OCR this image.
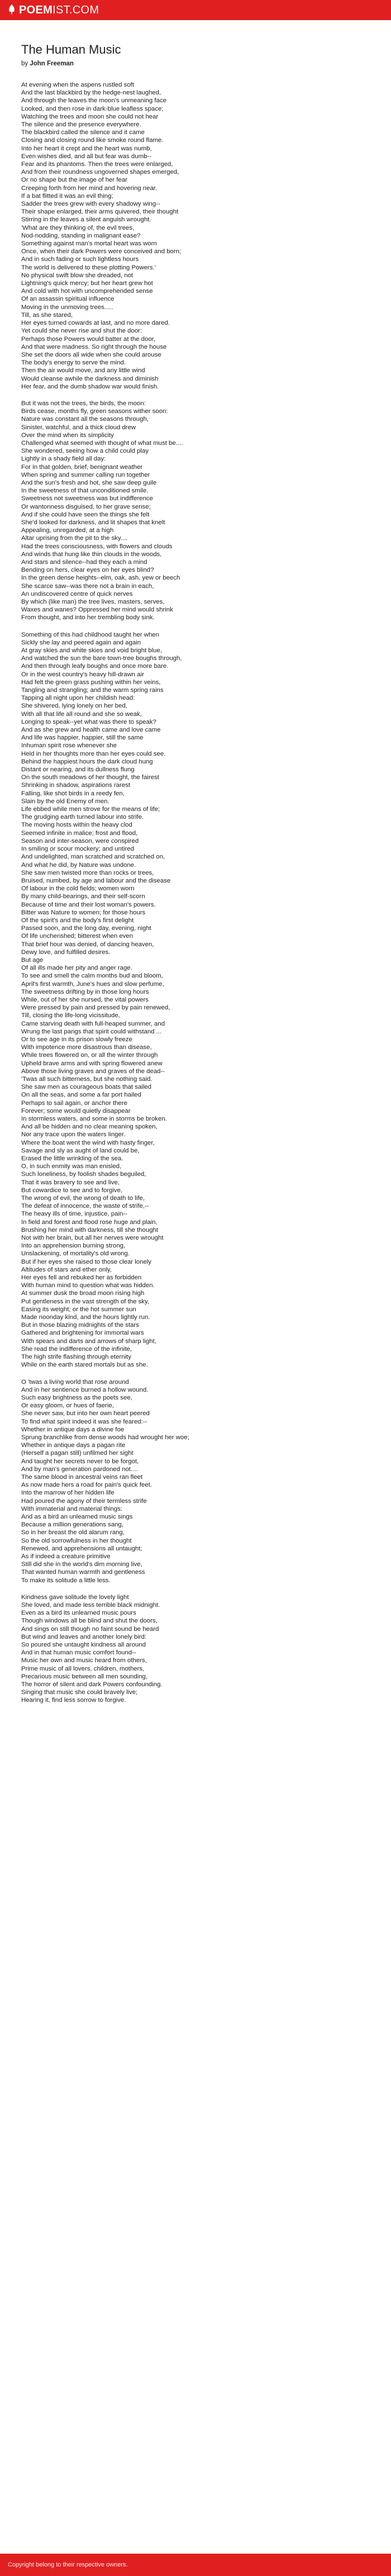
POEM IST.COM
The Human Music
by John Freeman
At evening when the aspens rustled soft
And the last blackbird by the hedge-nest laughed,
And through the leaves the moon's unmeaning face
Looked, and then rose in dark-blue leafless space;
Watching the trees and moon she could not hear
The silence and the presence everywhere.
The blackbird called the silence and it came
Closing and closing round like smoke round flame.
Into her heart it crept and the heart was numb,
Even wishes died, and all but fear was dumb--
Fear and its phantoms. Then the trees were enlarged,
And from their roundness ungoverned shapes emerged,
Or no shape but the image of her fear
Creeping forth from her mind and hovering near.
If a bat flitted it was an evil thing;
Sadder the trees grew with every shadowy wing--
Their shape enlarged, their arms quivered, their thought
Stirring in the leaves a silent anguish wrought.
'What are they thinking of, the evil trees,
Nod-nodding, standing in malignant ease?
Something against man's mortal heart was worn
Once, when their dark Powers were conceived and born;
And in such fading or such lightless hours
The world is delivered to these plotting Powers.'
No physical swift blow she dreaded, not
Lightning's quick mercy; but her heart grew hot
And cold with hot with uncomprehended sense
Of an assassin spiritual influence
Moving in the unmoving trees.....
Till, as she stared,
Her eyes turned cowards at last, and no more dared.
Yet could she never rise and shut the door:
Perhaps those Powers would batter at the door,
And that were madness. So right through the house
She set the doors all wide when she could arouse
The body's energy to serve the mind.
Then the air would move, and any little wind
Would cleanse awhile the darkness and diminish
Her fear, and the dumb shadow war would finish.
But it was not the trees, the birds, the moon:
Birds cease, months fly, green seasons wither soon:
Nature was constant all the seasons through,
Sinister, watchful, and a thick cloud drew
Over the mind when its simplicity
Challenged what seemed with thought of what must be....
She wondered, seeing how a child could play
Lightly in a shady field all day:
For in that golden, brief, benignant weather
When spring and summer calling run together
And the sun's fresh and hot, she saw deep guile
In the sweetness of that unconditioned smile.
Sweetness not sweetness was but indifference
Or wantonness disguised, to her grave sense;
And if she could have seen the things she felt
She'd looked for darkness, and lit shapes that knelt
Appealing, unregarded, at a high
Altar uprising from the pit to the sky....
Had the trees consciousness, with flowers and clouds
And winds that hung like thin clouds in the woods,
And stars and silence--had they each a mind
Bending on hers, clear eyes on her eyes blind?
In the green dense heights--elm, oak, ash, yew or beech
She scarce saw--was there not a brain in each,
An undiscovered centre of quick nerves
By which (like man) the tree lives, masters, serves,
Waxes and wanes? Oppressed her mind would shrink
From thought, and into her trembling body sink.
Something of this had childhood taught her when
Sickly she lay and peered again and again
At gray skies and white skies and void bright blue,
And watched the sun the bare town-tree boughs through,
And then through leafy boughs and once more bare.
Or in the west country's heavy hill-drawn air
Had felt the green grass pushing within her veins,
Tangling and strangling; and the warm spring rains
Tapping all night upon her childish head:
She shivered, lying lonely on her bed,
With all that life all round and she so weak,
Longing to speak--yet what was there to speak?
And as she grew and health came and love came
And life was happier, happier, still the same
Inhuman spirit rose whenever she
Held in her thoughts more than her eyes could see.
Behind the happiest hours the dark cloud hung
Distant or nearing, and its dullness flung
On the south meadows of her thought, the fairest
Shrinking in shadow, aspirations rarest
Falling, like shot birds in a reedy fen,
Slain by the old Enemy of men.
Life ebbed while men strove for the means of life;
The grudging earth turned labour into strife.
The moving hosts within the heavy clod
Seemed infinite in malice; frost and flood,
Season and inter-season, were conspired
In smiling or scour mockery; and untired
And undelighted, man scratched and scratched on,
And what he did, by Nature was undone.
She saw men twisted more than rocks or trees,
Bruised, numbed, by age and labour and the disease
Of labour in the cold fields; women worn
By many child-bearings, and their self-scorn
Because of time and their lost woman's powers.
Bitter was Nature to women; for those hours
Of the spirit's and the body's first delight
Passed soon, and the long day, evening, night
Of life unchenshed; bitterest when even
That brief hour was denied, of dancing heaven,
Dewy love, and fulfilled desires.
But age
Of all ills made her pity and anger rage.
To see and smell the calm months bud and bloom,
April's first warmth, June's hues and slow perfume,
The sweetness drifting by in those long hours
While, out of her she nursed, the vital powers
Were pressed by pain and pressed by pain renewed,
Till, closing the life-long vicissitude,
Came starving death with full-heaped summer, and
Wrung the last pangs that spirit could withstand ...
Or to see age in its prison slowly freeze
With impotence more disastrous than disease,
While trees flowered on, or all the winter through
Upheld brave arms and with spring flowered anew
Above those living graves and graves of the dead--
'Twas all such bitterness, but she nothing said.
She saw men as courageous boats that sailed
On all the seas, and some a far port hailed
Perhaps to sail again, or anchor there
Forever; some would quietly disappear
In stormless waters, and some in storms be broken.
And all be hidden and no clear meaning spoken,
Nor any trace upon the waters linger.
Where the boat went the wind with hasty finger,
Savage and sly as aught of land could be,
Erased the little wrinkling of the sea.
O, in such enmity was man enisled,
Such loneliness, by foolish shades beguiled,
That it was bravery to see and live,
But cowardice to see and to forgive,
The wrong of evil, the wrong of death to life,
The defeat of innocence, the waste of strife,--
The heavy ills of time, injustice, pain--
In field and forest and flood rose huge and plain,
Brushing her mind with darkness, till she thought
Not with her brain, but all her nerves were wrought
Into an apprehension burning strong,
Unslackening, of mortality's old wrong.
But if her eyes she raised to those clear lonely
Altitudes of stars and ether only,
Her eyes fell and rebuked her as forbidden
With human mind to question what was hidden.
At summer dusk the broad moon rising high
Put gentleness in the vast strength of the sky,
Easing its weight; or the hot summer sun
Made noonday kind, and the hours lightly run.
But in those blazing midnights of the stars
Gathered and brightening for immortal wars
With spears and darts and arrows of sharp light,
She read the indifference of the infinite,
The high strife flashing through eternity
While on the earth stared mortals but as she.
O 'twas a living world that rose around
And in her sentience burned a hollow wound.
Such easy brightness as the poets see,
Or easy gloom, or hues of faerie,
She never saw, but into her own heart peered
To find what spirit indeed it was she feared:--
Whether in antique days a divine foe
Sprung branchlike from dense woods had wrought her woe;
Whether in antique days a pagan rite
(Herself a pagan still) unfilmed her sight
And taught her secrets never to be forgot,
And by man's generation pardoned not....
The same blood in ancestral veins ran fleet
As now made hers a road for pain's quick feet.
Into the marrow of her hidden life
Had poured the agony of their termless strife
With immaterial and material things:
And as a bird an unlearned music sings
Because a million generations sang,
So in her breast the old alarum rang,
So the old sorrowfulness in her thought
Renewed, and apprehensions all untaught;
As if indeed a creature primitive
Still did she in the world's dim morning live,
That wanted human warmth and gentleness
To make its solitude a little less.
Kindness gave solitude the lovely light
She loved, and made less terrible black midnight.
Even as a bird its unlearned music pours
Though windows all be blind and shut the doors,
And sings on still though no faint sound be heard
But wind and leaves and another lonely bird:
So poured she untaught kindness all around
And in that human music comfort found--
Music her own and music heard from others,
Prime music of all lovers, children, mothers,
Precarious music between all men sounding,
The horror of silent and dark Powers confounding.
Singing that music she could bravely live;
Hearing it, find less sorrow to forgive.
Copyright belong to their respective owners.
